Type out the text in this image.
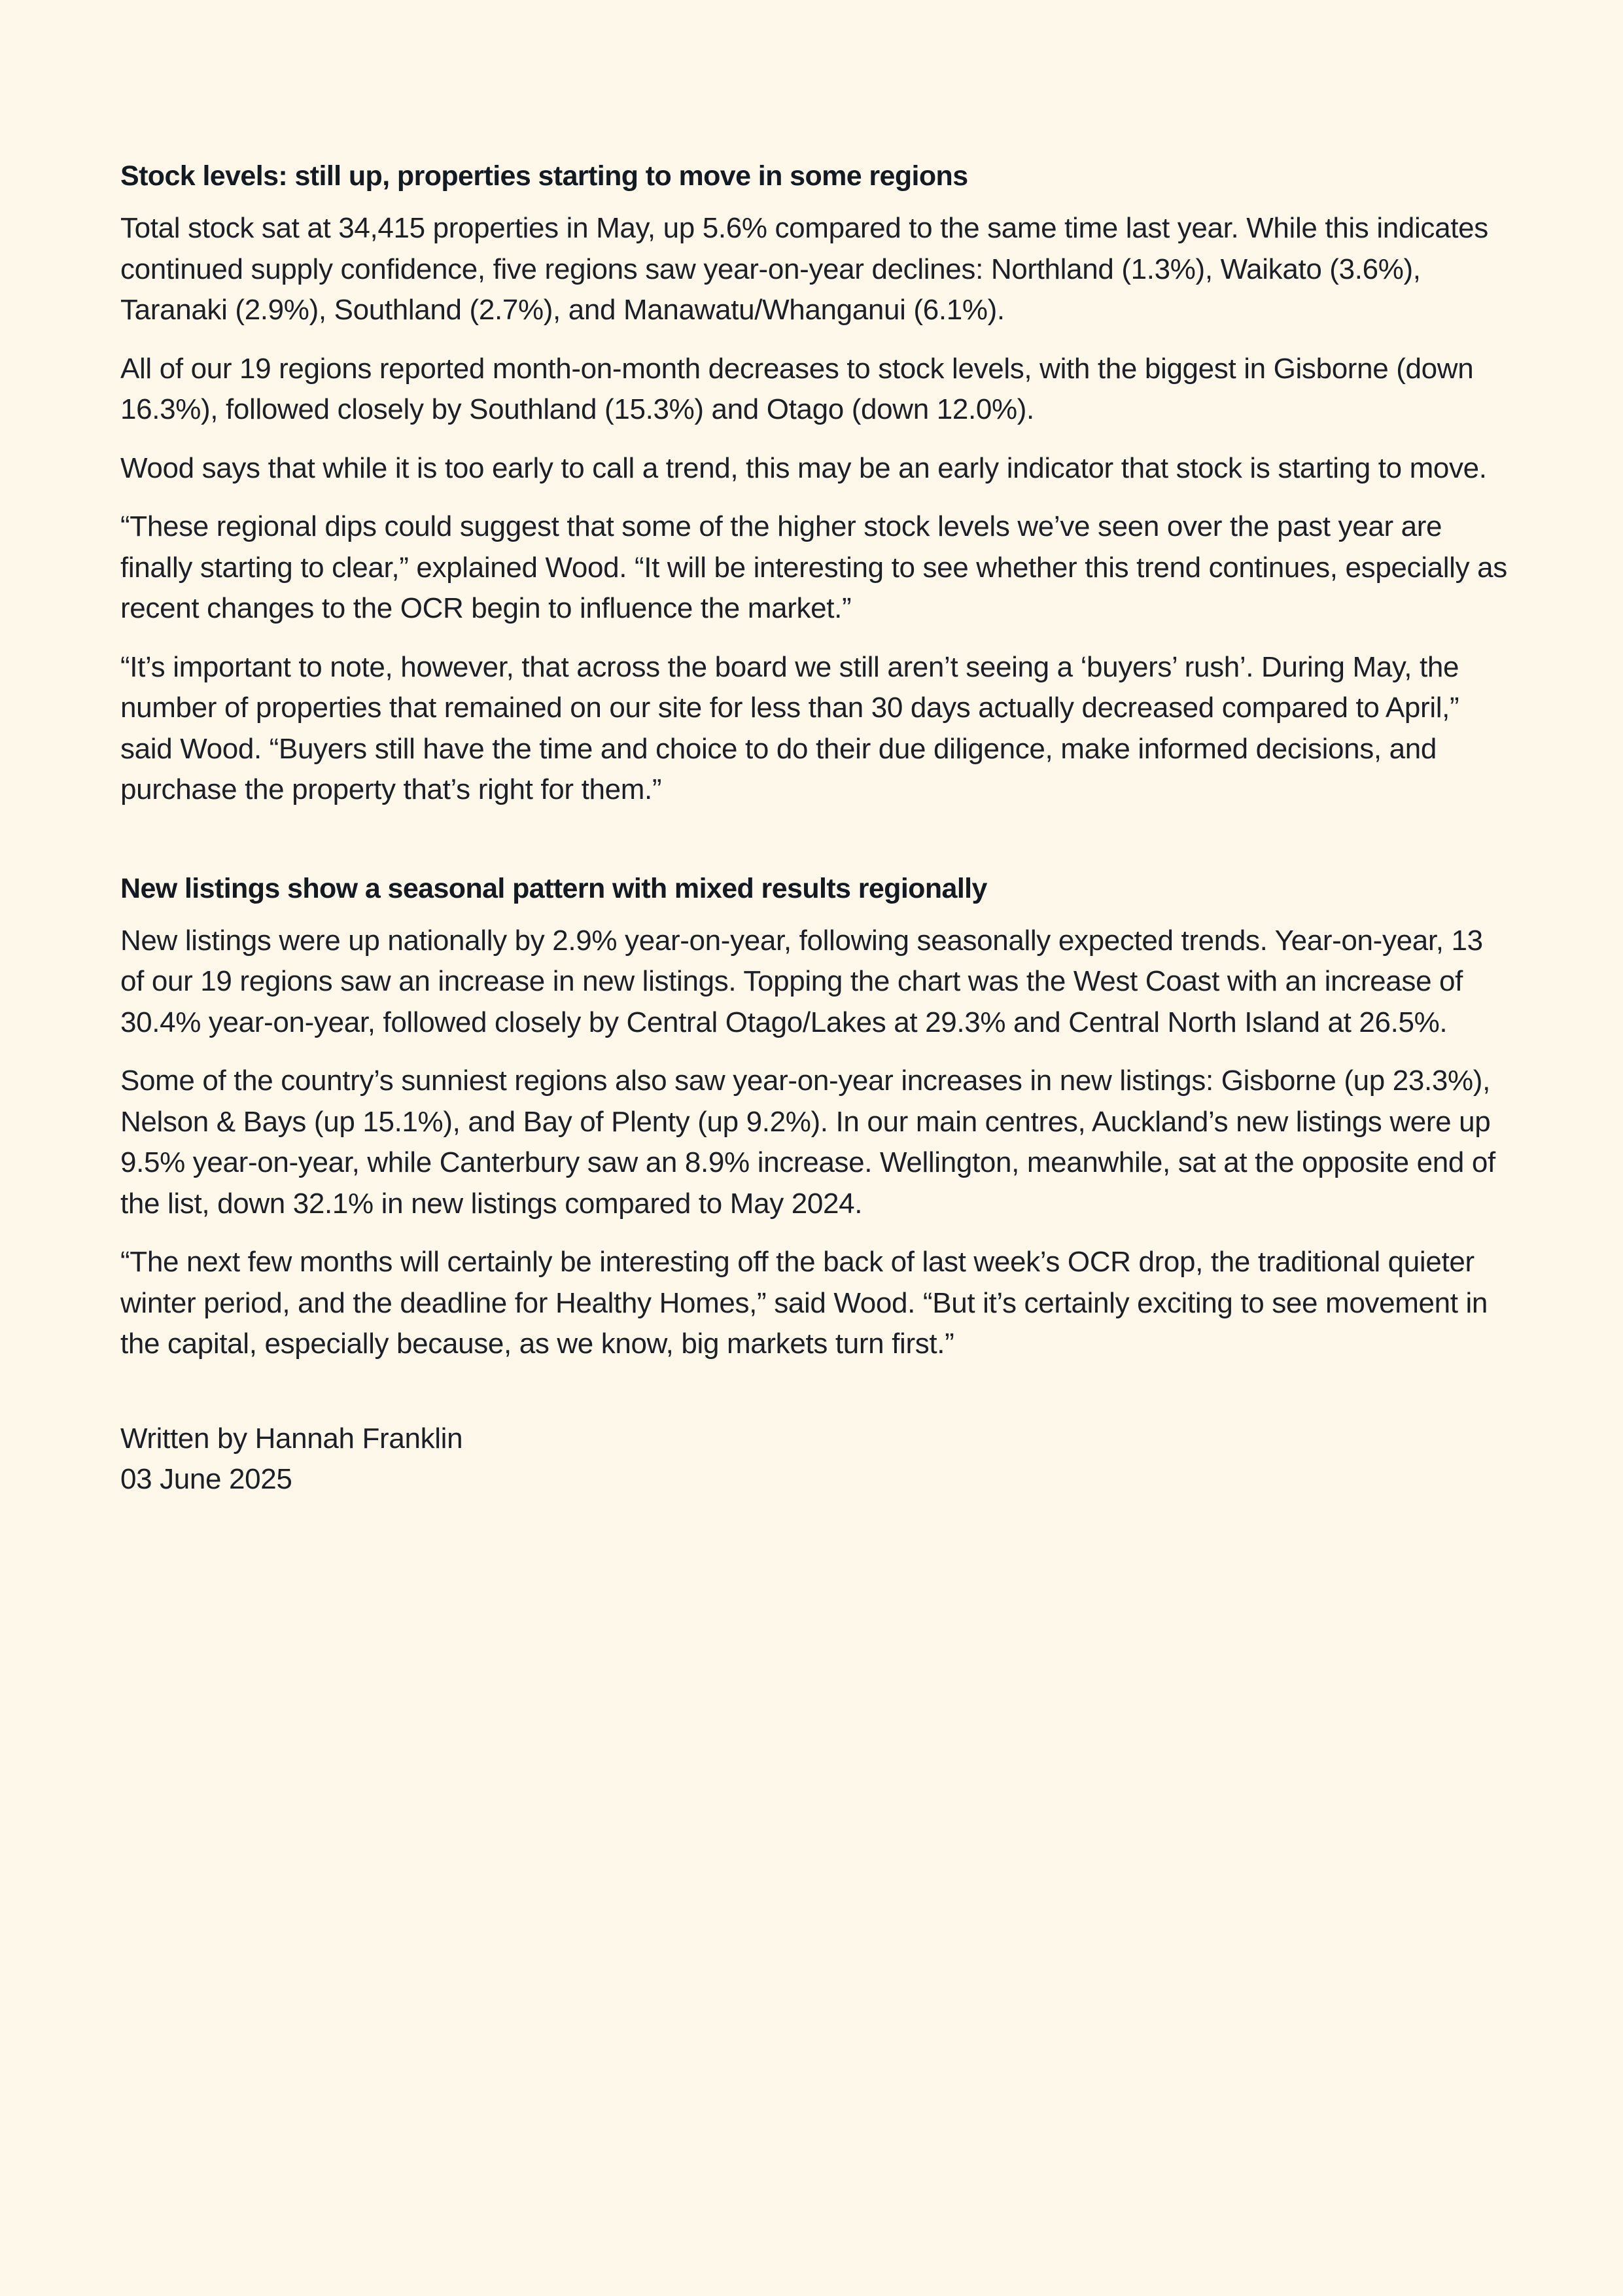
Stock levels: still up, properties starting to move in some regions

Total stock sat at 34,415 properties in May, up 5.6% compared to the same time last year. While this indicates continued supply confidence, five regions saw year-on-year declines: Northland (1.3%), Waikato (3.6%), Taranaki (2.9%), Southland (2.7%), and Manawatu/Whanganui (6.1%).

All of our 19 regions reported month-on-month decreases to stock levels, with the biggest in Gisborne (down 16.3%), followed closely by Southland (15.3%) and Otago (down 12.0%).

Wood says that while it is too early to call a trend, this may be an early indicator that stock is starting to move.

“These regional dips could suggest that some of the higher stock levels we’ve seen over the past year are finally starting to clear,” explained Wood. “It will be interesting to see whether this trend continues, especially as recent changes to the OCR begin to influence the market.”

“It’s important to note, however, that across the board we still aren’t seeing a ‘buyers’ rush’. During May, the number of properties that remained on our site for less than 30 days actually decreased compared to April,” said Wood. “Buyers still have the time and choice to do their due diligence, make informed decisions, and purchase the property that’s right for them.”

New listings show a seasonal pattern with mixed results regionally

New listings were up nationally by 2.9% year-on-year, following seasonally expected trends. Year-on-year, 13 of our 19 regions saw an increase in new listings. Topping the chart was the West Coast with an increase of 30.4% year-on-year, followed closely by Central Otago/Lakes at 29.3% and Central North Island at 26.5%.

Some of the country’s sunniest regions also saw year-on-year increases in new listings: Gisborne (up 23.3%), Nelson & Bays (up 15.1%), and Bay of Plenty (up 9.2%). In our main centres, Auckland’s new listings were up 9.5% year-on-year, while Canterbury saw an 8.9% increase. Wellington, meanwhile, sat at the opposite end of the list, down 32.1% in new listings compared to May 2024.

“The next few months will certainly be interesting off the back of last week’s OCR drop, the traditional quieter winter period, and the deadline for Healthy Homes,” said Wood. “But it’s certainly exciting to see movement in the capital, especially because, as we know, big markets turn first.”

Written by Hannah Franklin
03 June 2025
